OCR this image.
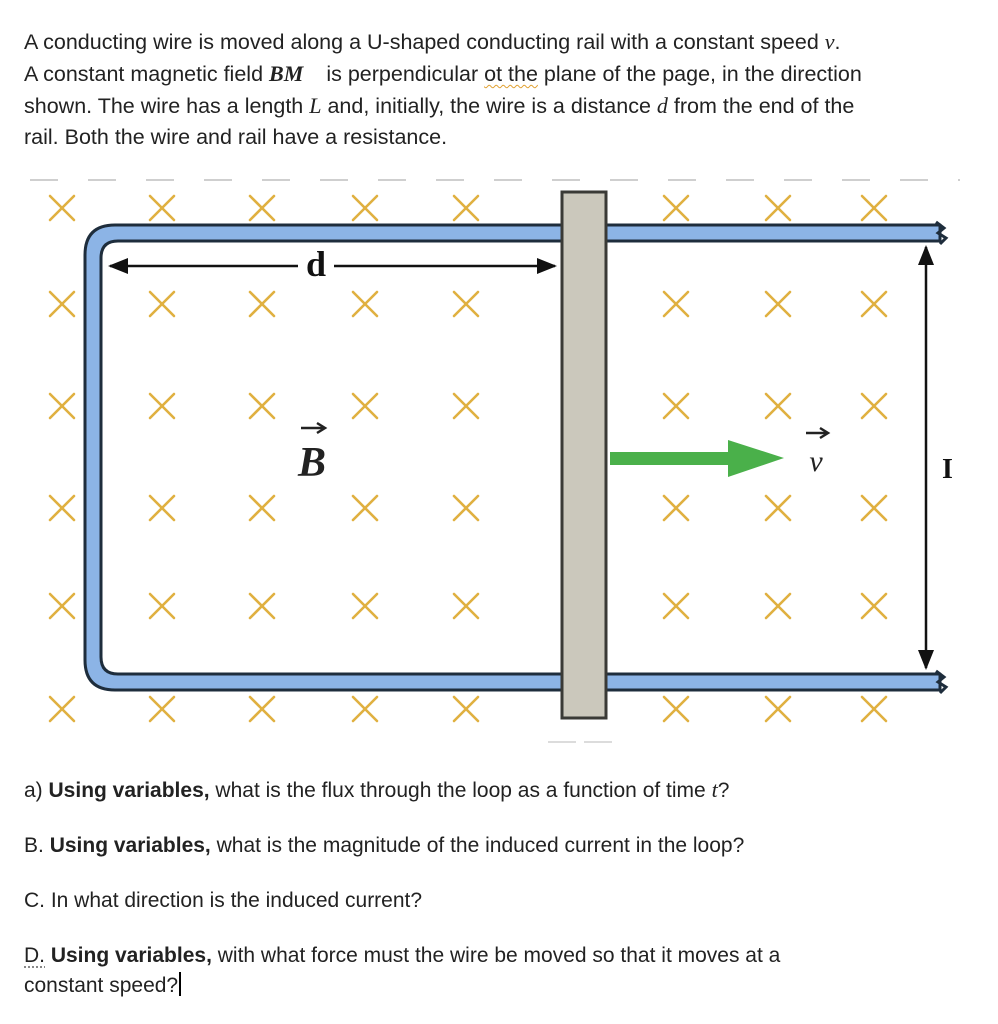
A conducting wire is moved along a U-shaped conducting rail with a constant speed v.
A constant magnetic field BM⃗ is perpendicular ot the plane of the page, in the direction
shown. The wire has a length L and, initially, the wire is a distance d from the end of the
rail. Both the wire and rail have a resistance.

d
B	v	I

a) Using variables, what is the flux through the loop as a function of time t?

B. Using variables, what is the magnitude of the induced current in the loop?

C. In what direction is the induced current?

D. Using variables, with what force must the wire be moved so that it moves at a
constant speed?
